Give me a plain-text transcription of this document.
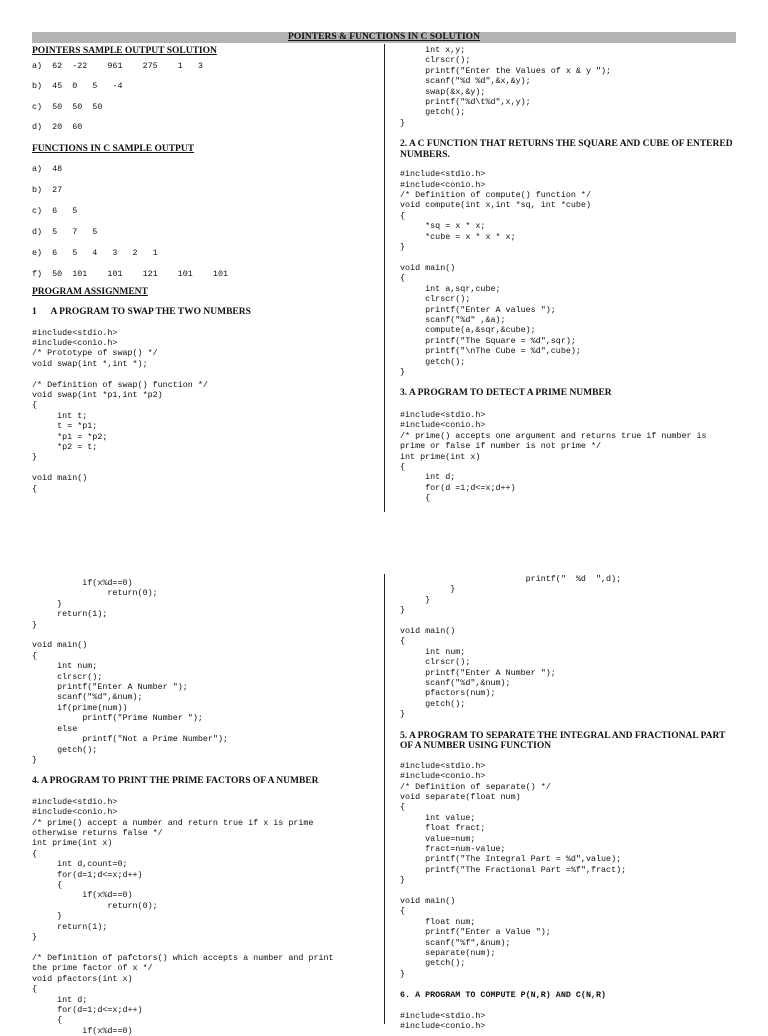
POINTERS & FUNCTIONS IN C SOLUTION
POINTERS SAMPLE OUTPUT SOLUTION
a)  62  -22    961    275    1   3
b)  45  0   5   -4
c)  50  50  50
d)  20  60
FUNCTIONS IN C SAMPLE OUTPUT
a)  48
b)  27
c)  6   5
d)  5   7   5
e)  6   5   4   3   2   1
f)  50  101    101    121    101    101
PROGRAM ASSIGNMENT
1      A PROGRAM TO SWAP THE TWO NUMBERS
#include<stdio.h>
#include<conio.h>
/* Prototype of swap() */
void swap(int *,int *);

/* Definition of swap() function */
void swap(int *p1,int *p2)
{
int t;
t = *p1;
*p1 = *p2;
*p2 = t;
}

void main()
{
int x,y;
clrscr();
printf("Enter the Values of x & y ");
scanf("%d %d",&x,&y);
swap(&x,&y);
printf("%d\t%d",x,y);
getch();
}
2. A C FUNCTION THAT RETURNS THE SQUARE AND CUBE OF ENTERED NUMBERS.
#include<stdio.h>
#include<conio.h>
/* Definition of compute() function */
void compute(int x,int *sq, int *cube)
{
*sq = x * x;
*cube = x * x * x;
}

void main()
{
int a,sqr,cube;
clrscr();
printf("Enter A values ");
scanf("%d" ,&a);
compute(a,&sqr,&cube);
printf("The Square = %d",sqr);
printf("\nThe Cube = %d",cube);
getch();
}
3. A PROGRAM TO DETECT A PRIME NUMBER
#include<stdio.h>
#include<conio.h>
/* prime() accepts one argument and returns true if number is
prime or false if number is not prime */
int prime(int x)
{
int d;
for(d =1;d<=x;d++)
{
if(x%d==0)
return(0);
}
return(1);
}

void main()
{
int num;
clrscr();
printf("Enter A Number ");
scanf("%d",&num);
if(prime(num))
printf("Prime Number ");
else
printf("Not a Prime Number");
getch();
}
4. A PROGRAM TO PRINT THE PRIME FACTORS OF A NUMBER
#include<stdio.h>
#include<conio.h>
/* prime() accept a number and return true if x is prime
otherwise returns false */
int prime(int x)
{
int d,count=0;
for(d=1;d<=x;d++)
{
if(x%d==0)
return(0);
}
return(1);
}

/* Definition of pafctors() which accepts a number and print
the prime factor of x */
void pfactors(int x)
{
int d;
for(d=1;d<=x;d++)
{
if(x%d==0)
printf("  %d  ",d);
}
}
}

void main()
{
int num;
clrscr();
printf("Enter A Number ");
scanf("%d",&num);
pfactors(num);
getch();
}
5. A PROGRAM TO SEPARATE THE INTEGRAL AND FRACTIONAL PART OF A NUMBER USING FUNCTION
#include<stdio.h>
#include<conio.h>
/* Definition of separate() */
void separate(float num)
{
int value;
float fract;
value=num;
fract=num-value;
printf("The Integral Part = %d",value);
printf("The Fractional Part =%f",fract);
}

void main()
{
float num;
printf("Enter a Value ");
scanf("%f",&num);
separate(num);
getch();
}
6. A PROGRAM TO COMPUTE P(N,R) AND C(N,R)
#include<stdio.h>
#include<conio.h>
